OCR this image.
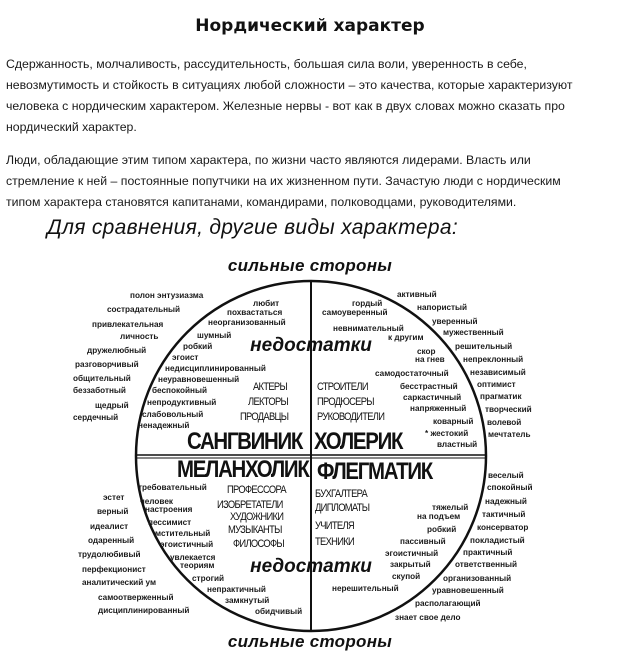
Нордический характер
Сдержанность, молчаливость, рассудительность, большая сила воли, уверенность в себе,
невозмутимость и стойкость в ситуациях любой сложности – это качества, которые характеризуют
человека с нордическим характером. Железные нервы - вот как в двух словах можно сказать про
нордический характер.
Люди, обладающие этим типом характера, по жизни часто являются лидерами. Власть или
стремление к ней – постоянные попутчики на их жизненном пути. Зачастую люди с нордическим
типом характера становятся капитанами, командирами, полководцами, руководителями.
Для сравнения, другие виды характера:
сильные стороны
сильные стороны
недостатки
недостатки
полон энтузиазма
сострадательный
привлекательная
личность
дружелюбный
разговорчивый
общительный
беззаботный
щедрый
сердечный
любит
похвастаться
неорганизованный
шумный
робкий
эгоист
недисциплинированный
неуравновешенный
беспокойный
непродуктивный
слабовольный
ненадежный
АКТЕРЫ
ЛЕКТОРЫ
ПРОДАВЦЫ
САНГВИНИК
активный
напористый
уверенный
мужественный
решительный
непреклонный
независимый
оптимист
прагматик
творческий
волевой
мечтатель
гордый
самоуверенный
невнимательный
к другим
скор
на гнев
самодостаточный
бесстрастный
саркастичный
напряженный
коварный
* жестокий
властный
СТРОИТЕЛИ
ПРОДЮСЕРЫ
РУКОВОДИТЕЛИ
ХОЛЕРИК
МЕЛАНХОЛИК
ПРОФЕССОРА
ИЗОБРЕТАТЕЛИ
ХУДОЖНИКИ
МУЗЫКАНТЫ
ФИЛОСОФЫ
эстет
верный
идеалист
одаренный
трудолюбивый
перфекционист
аналитический ум
самоотверженный
дисциплинированный
требовательный
человек
настроения
пессимист
мстительный
эгоистичный
увлекается
теориям
строгий
непрактичный
замкнутый
обидчивый
ФЛЕГМАТИК
БУХГАЛТЕРА
ДИПЛОМАТЫ
УЧИТЕЛЯ
ТЕХНИКИ
веселый
спокойный
надежный
тактичный
консерватор
покладистый
практичный
ответственный
организованный
уравновешенный
располагающий
знает свое дело
тяжелый
на подъем
робкий
пассивный
эгоистичный
закрытый
скупой
нерешительный
